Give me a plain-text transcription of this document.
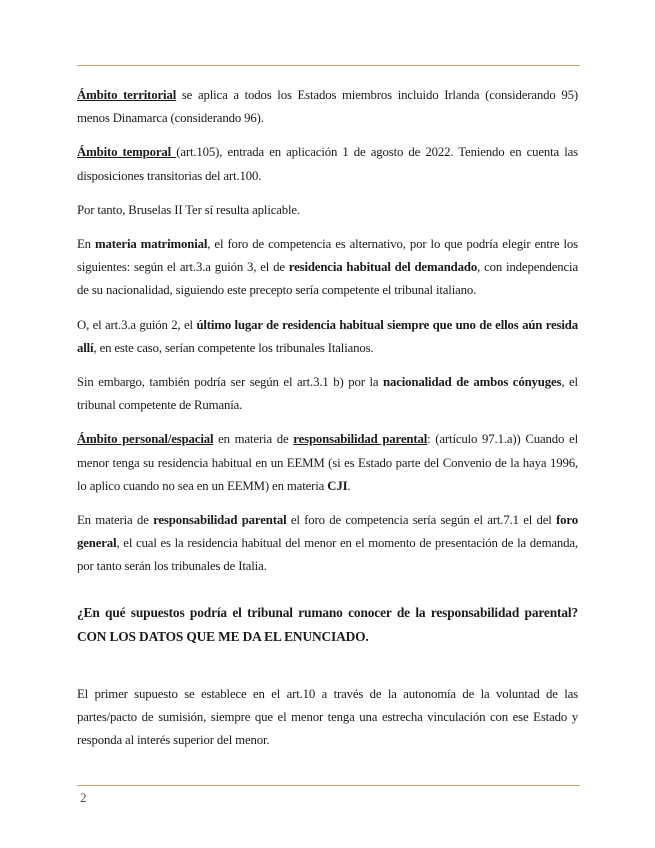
Ámbito territorial se aplica a todos los Estados miembros incluido Irlanda (considerando 95) menos Dinamarca (considerando 96).

Ámbito temporal (art.105), entrada en aplicación 1 de agosto de 2022. Teniendo en cuenta las disposiciones transitorias del art.100.

Por tanto, Bruselas II Ter sí resulta aplicable.

En materia matrimonial, el foro de competencia es alternativo, por lo que podría elegir entre los siguientes: según el art.3.a guión 3, el de residencia habitual del demandado, con independencia de su nacionalidad, siguiendo este precepto sería competente el tribunal italiano.

O, el art.3.a guión 2, el último lugar de residencia habitual siempre que uno de ellos aún resida allí, en este caso, serían competente los tribunales Italianos.

Sin embargo, también podría ser según el art.3.1 b) por la nacionalidad de ambos cónyuges, el tribunal competente de Rumanía.

Ámbito personal/espacial en materia de responsabilidad parental: (artículo 97.1.a)) Cuando el menor tenga su residencia habitual en un EEMM (si es Estado parte del Convenio de la haya 1996, lo aplico cuando no sea en un EEMM) en materia CJI.

En materia de responsabilidad parental el foro de competencia sería según el art.7.1 el del foro general, el cual es la residencia habitual del menor en el momento de presentación de la demanda, por tanto serán los tribunales de Italia.

¿En qué supuestos podría el tribunal rumano conocer de la responsabilidad parental? CON LOS DATOS QUE ME DA EL ENUNCIADO.

El primer supuesto se establece en el art.10 a través de la autonomía de la voluntad de las partes/pacto de sumisión, siempre que el menor tenga una estrecha vinculación con ese Estado y responda al interés superior del menor.

2
